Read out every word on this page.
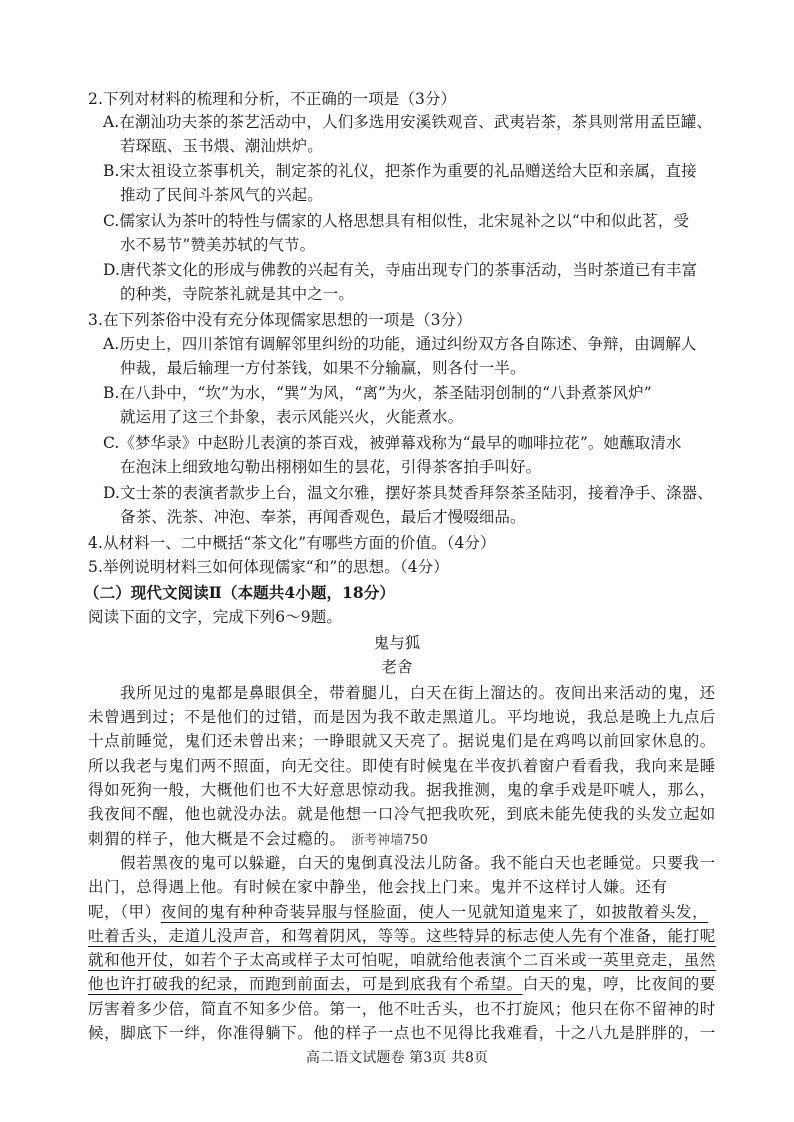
2.下列对材料的梳理和分析，不正确的一项是（3分）
A.在潮汕功夫茶的茶艺活动中，人们多选用安溪铁观音、武夷岩茶，茶具则常用孟臣罐、
若琛瓯、玉书煨、潮汕烘炉。
B.宋太祖设立茶事机关，制定茶的礼仪，把茶作为重要的礼品赠送给大臣和亲属，直接
推动了民间斗茶风气的兴起。
C.儒家认为茶叶的特性与儒家的人格思想具有相似性，北宋晁补之以“中和似此茗，受
水不易节”赞美苏轼的气节。
D.唐代茶文化的形成与佛教的兴起有关，寺庙出现专门的茶事活动，当时茶道已有丰富
的种类，寺院茶礼就是其中之一。
3.在下列茶俗中没有充分体现儒家思想的一项是（3分）
A.历史上，四川茶馆有调解邻里纠纷的功能，通过纠纷双方各自陈述、争辩，由调解人
仲裁，最后输理一方付茶钱，如果不分输赢，则各付一半。
B.在八卦中，“坎”为水，“巽”为风，“离”为火，茶圣陆羽创制的“八卦煮茶风炉”
就运用了这三个卦象，表示风能兴火，火能煮水。
C.《梦华录》中赵盼儿表演的茶百戏，被弹幕戏称为“最早的咖啡拉花”。她蘸取清水
在泡沫上细致地勾勒出栩栩如生的昙花，引得茶客拍手叫好。
D.文士茶的表演者款步上台，温文尔雅，摆好茶具焚香拜祭茶圣陆羽，接着净手、涤器、
备茶、洗茶、冲泡、奉茶，再闻香观色，最后才慢啜细品。
4.从材料一、二中概括“茶文化”有哪些方面的价值。（4分）
5.举例说明材料三如何体现儒家“和”的思想。（4分）
（二）现代文阅读Ⅱ（本题共4小题，18分）
阅读下面的文字，完成下列6～9题。
鬼与狐
老舍
我所见过的鬼都是鼻眼俱全，带着腿儿，白天在街上溜达的。夜间出来活动的鬼，还
未曾遇到过；不是他们的过错，而是因为我不敢走黑道儿。平均地说，我总是晚上九点后
十点前睡觉，鬼们还未曾出来；一睁眼就又天亮了。据说鬼们是在鸡鸣以前回家休息的。
所以我老与鬼们两不照面，向无交往。即使有时候鬼在半夜扒着窗户看看我，我向来是睡
得如死狗一般，大概他们也不大好意思惊动我。据我推测，鬼的拿手戏是吓唬人，那么，
我夜间不醒，他也就没办法。就是他想一口冷气把我吹死，到底未能先使我的头发立起如
刺猬的样子，他大概是不会过瘾的。 浙考神墙750
假若黑夜的鬼可以躲避，白天的鬼倒真没法儿防备。我不能白天也老睡觉。只要我一
出门，总得遇上他。有时候在家中静坐，他会找上门来。鬼并不这样讨人嫌。还有
呢，（甲）夜间的鬼有种种奇装异服与怪脸面，使人一见就知道鬼来了，如披散着头发，
吐着舌头，走道儿没声音，和驾着阴风，等等。这些特异的标志使人先有个准备，能打呢
就和他开仗，如若个子太高或样子太可怕呢，咱就给他表演个二百米或一英里竞走，虽然
他也许打破我的纪录，而跑到前面去，可是到底我有个希望。白天的鬼，哼，比夜间的要
厉害着多少倍，简直不知多少倍。第一，他不吐舌头，也不打旋风；他只在你不留神的时
候，脚底下一绊，你准得躺下。他的样子一点也不见得比我难看，十之八九是胖胖的，一
高二语文试题卷 第3页 共8页
